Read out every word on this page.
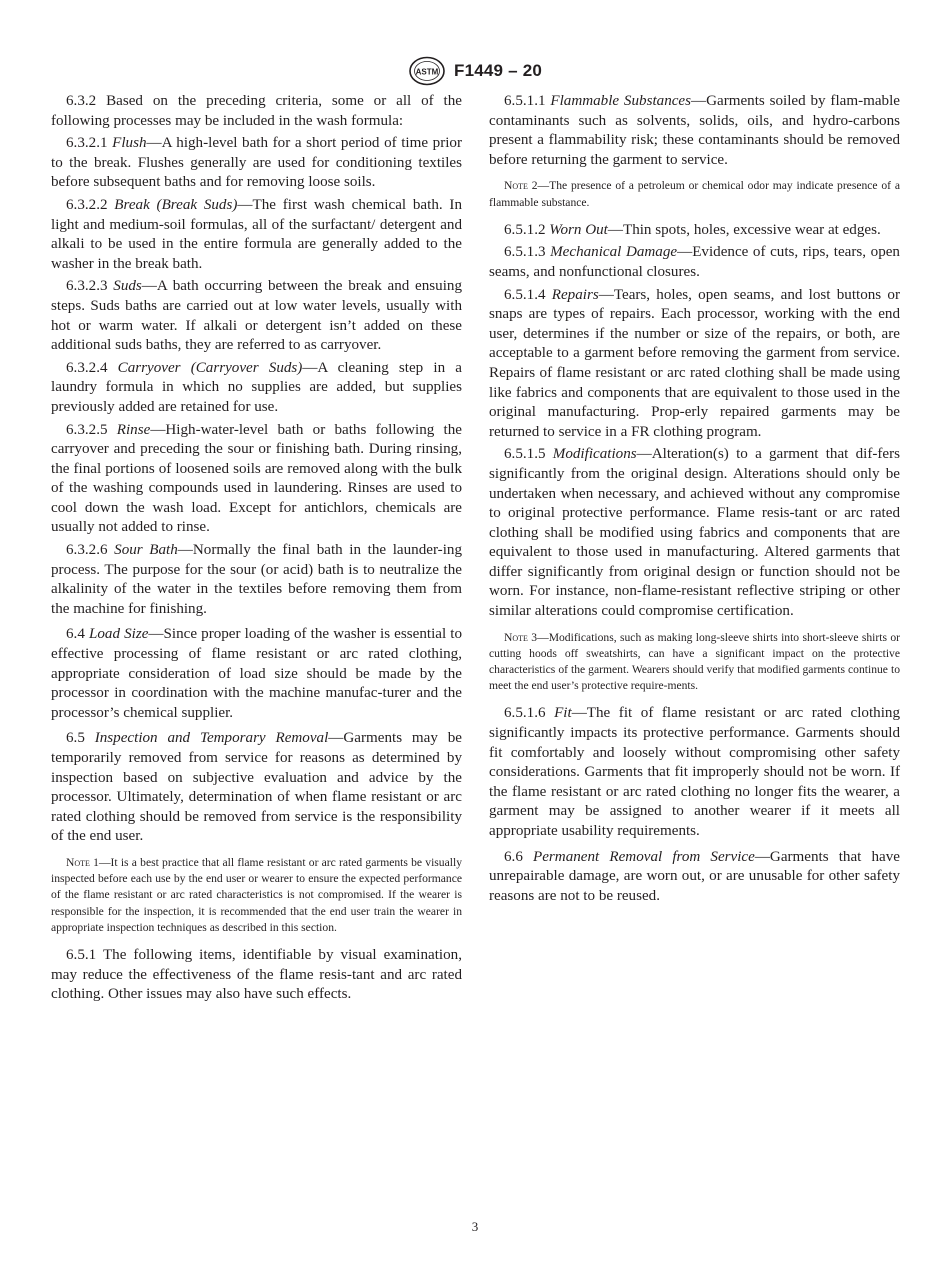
ASTM F1449 – 20

6.3.2 Based on the preceding criteria, some or all of the following processes may be included in the wash formula:

6.3.2.1 Flush—A high-level bath for a short period of time prior to the break. Flushes generally are used for conditioning textiles before subsequent baths and for removing loose soils.

6.3.2.2 Break (Break Suds)—The first wash chemical bath. In light and medium-soil formulas, all of the surfactant/ detergent and alkali to be used in the entire formula are generally added to the washer in the break bath.

6.3.2.3 Suds—A bath occurring between the break and ensuing steps. Suds baths are carried out at low water levels, usually with hot or warm water. If alkali or detergent isn’t added on these additional suds baths, they are referred to as carryover.

6.3.2.4 Carryover (Carryover Suds)—A cleaning step in a laundry formula in which no supplies are added, but supplies previously added are retained for use.

6.3.2.5 Rinse—High-water-level bath or baths following the carryover and preceding the sour or finishing bath. During rinsing, the final portions of loosened soils are removed along with the bulk of the washing compounds used in laundering. Rinses are used to cool down the wash load. Except for antichlors, chemicals are usually not added to rinse.

6.3.2.6 Sour Bath—Normally the final bath in the launder-ing process. The purpose for the sour (or acid) bath is to neutralize the alkalinity of the water in the textiles before removing them from the machine for finishing.

6.4 Load Size—Since proper loading of the washer is essential to effective processing of flame resistant or arc rated clothing, appropriate consideration of load size should be made by the processor in coordination with the machine manufac-turer and the processor’s chemical supplier.

6.5 Inspection and Temporary Removal—Garments may be temporarily removed from service for reasons as determined by inspection based on subjective evaluation and advice by the processor. Ultimately, determination of when flame resistant or arc rated clothing should be removed from service is the responsibility of the end user.

Note 1—It is a best practice that all flame resistant or arc rated garments be visually inspected before each use by the end user or wearer to ensure the expected performance of the flame resistant or arc rated characteristics is not compromised. If the wearer is responsible for the inspection, it is recommended that the end user train the wearer in appropriate inspection techniques as described in this section.

6.5.1 The following items, identifiable by visual examination, may reduce the effectiveness of the flame resis-tant and arc rated clothing. Other issues may also have such effects.

6.5.1.1 Flammable Substances—Garments soiled by flam-mable contaminants such as solvents, solids, oils, and hydro-carbons present a flammability risk; these contaminants should be removed before returning the garment to service.

Note 2—The presence of a petroleum or chemical odor may indicate presence of a flammable substance.

6.5.1.2 Worn Out—Thin spots, holes, excessive wear at edges.

6.5.1.3 Mechanical Damage—Evidence of cuts, rips, tears, open seams, and nonfunctional closures.

6.5.1.4 Repairs—Tears, holes, open seams, and lost buttons or snaps are types of repairs. Each processor, working with the end user, determines if the number or size of the repairs, or both, are acceptable to a garment before removing the garment from service. Repairs of flame resistant or arc rated clothing shall be made using like fabrics and components that are equivalent to those used in the original manufacturing. Prop-erly repaired garments may be returned to service in a FR clothing program.

6.5.1.5 Modifications—Alteration(s) to a garment that dif-fers significantly from the original design. Alterations should only be undertaken when necessary, and achieved without any compromise to original protective performance. Flame resis-tant or arc rated clothing shall be modified using fabrics and components that are equivalent to those used in manufacturing. Altered garments that differ significantly from original design or function should not be worn. For instance, non-flame-resistant reflective striping or other similar alterations could compromise certification.

Note 3—Modifications, such as making long-sleeve shirts into short-sleeve shirts or cutting hoods off sweatshirts, can have a significant impact on the protective characteristics of the garment. Wearers should verify that modified garments continue to meet the end user’s protective require-ments.

6.5.1.6 Fit—The fit of flame resistant or arc rated clothing significantly impacts its protective performance. Garments should fit comfortably and loosely without compromising other safety considerations. Garments that fit improperly should not be worn. If the flame resistant or arc rated clothing no longer fits the wearer, a garment may be assigned to another wearer if it meets all appropriate usability requirements.

6.6 Permanent Removal from Service—Garments that have unrepairable damage, are worn out, or are unusable for other safety reasons are not to be reused.

3
